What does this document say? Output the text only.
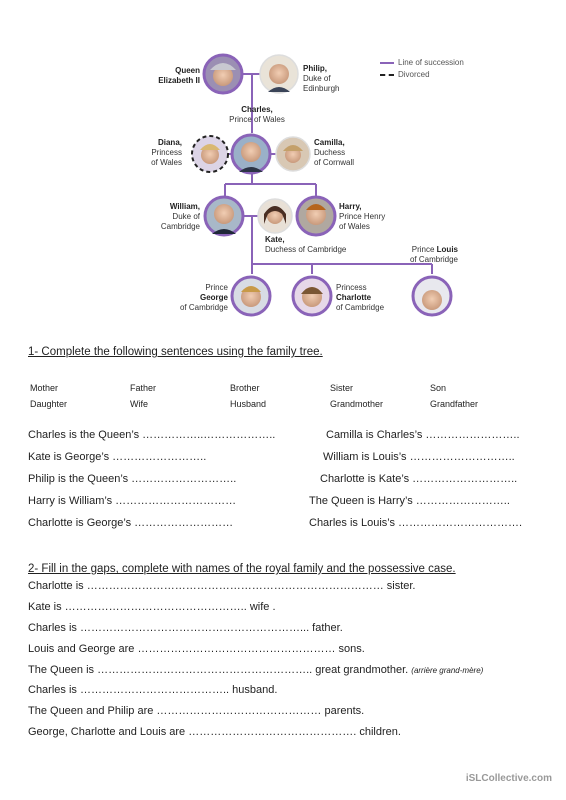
Queen
Elizabeth II
Philip,
Duke of
Edinburgh
Charles,
Prince of Wales
Diana,
Princess
of Wales
Camilla,
Duchess
of Cornwall
William,
Duke of
Cambridge
Harry,
Prince Henry
of Wales
Kate,
Duchess of Cambridge	Prince Louis
of Cambridge
Prince
George
of Cambridge
Princess
Charlotte
of Cambridge
Line of succession
Divorced
1- Complete the following sentences using the family tree.
Mother	Father	Brother	Sister	Son
Daughter	Wife	Husband	Grandmother	Grandfather
Charles is the Queen’s ……………..………………..
Kate is George’s ……………………..
Philip is the Queen’s ………………………..
Harry is William’s ……………………………
Charlotte is George’s ………………………
Camilla is Charles’s ……………………..
William is Louis’s ………………………..
Charlotte is Kate’s ………………………..
The Queen is Harry’s ……………………..
Charles is Louis’s …………………………….
2- Fill in the gaps, complete with names of the royal family and the possessive case.
Charlotte is ……………………………………………………………………… sister.
Kate is ………………………………………….. wife .
Charles is ……………………………………………………... father.
Louis and George are ……………………………………………… sons.
The Queen is ………………………………………………….. great grandmother. (arrière grand-mère)
Charles is ………………………………….. husband.
The Queen and Philip are ……………………………………… parents.
George, Charlotte and Louis are ………………………………………. children.
iSLCollective.com
